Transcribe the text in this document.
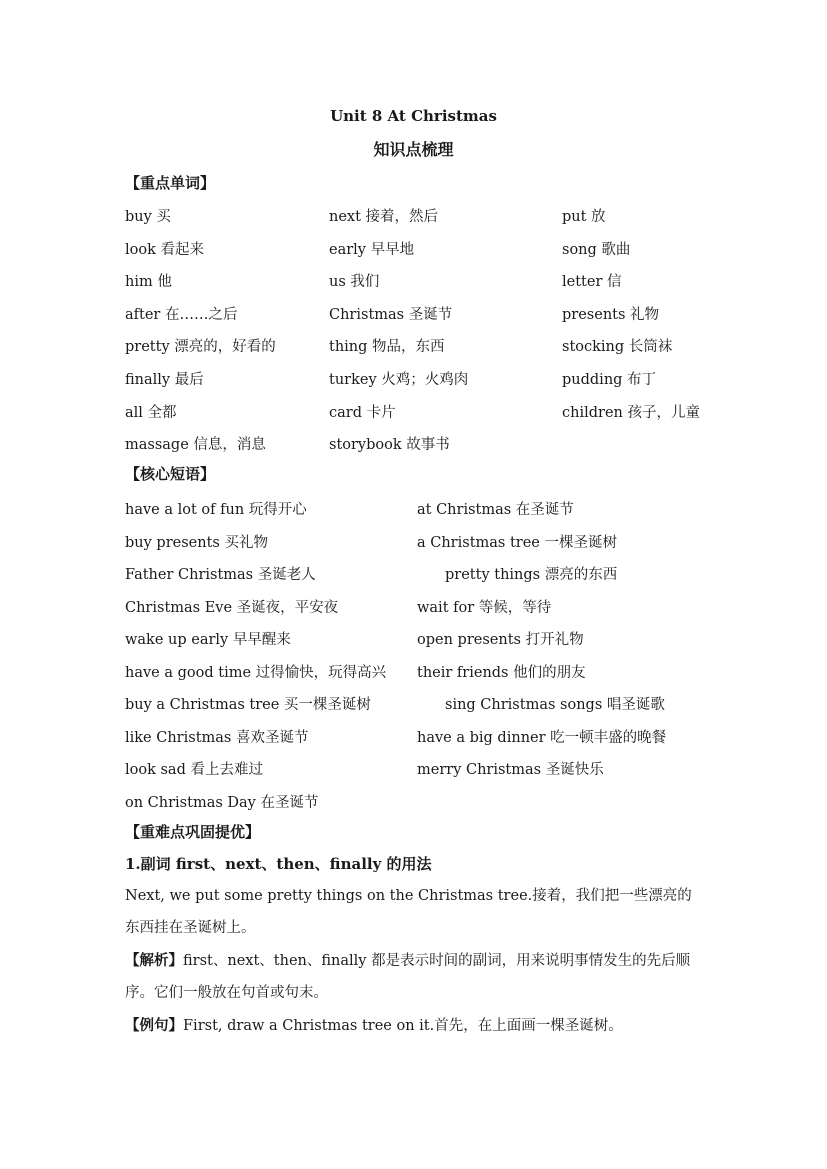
Unit 8 At Christmas
知识点梳理
【重点单词】
buy 买	next 接着，然后	put 放
look 看起来	early 早早地	song 歌曲
him 他	us 我们	letter 信
after 在……之后	Christmas 圣诞节	presents 礼物
pretty 漂亮的，好看的	thing 物品，东西	stocking 长筒袜
finally 最后	turkey 火鸡；火鸡肉	pudding 布丁
all 全都	card 卡片	children 孩子，儿童
massage 信息，消息	storybook 故事书
【核心短语】
have a lot of fun 玩得开心	at Christmas 在圣诞节
buy presents 买礼物	a Christmas tree 一棵圣诞树
Father Christmas 圣诞老人	pretty things 漂亮的东西
Christmas Eve 圣诞夜，平安夜	wait for 等候，等待
wake up early 早早醒来	open presents 打开礼物
have a good time 过得愉快，玩得高兴 their friends 他们的朋友
buy a Christmas tree 买一棵圣诞树	sing Christmas songs 唱圣诞歌
like Christmas 喜欢圣诞节	have a big dinner 吃一顿丰盛的晚餐
look sad 看上去难过	merry Christmas 圣诞快乐
on Christmas Day 在圣诞节
【重难点巩固提优】
1.副词 first、next、then、finally 的用法
Next, we put some pretty things on the Christmas tree.接着，我们把一些漂亮的东西挂在圣诞树上。
【解析】first、next、then、finally 都是表示时间的副词，用来说明事情发生的先后顺序。它们一般放在句首或句末。
【例句】First, draw a Christmas tree on it.首先，在上面画一棵圣诞树。
